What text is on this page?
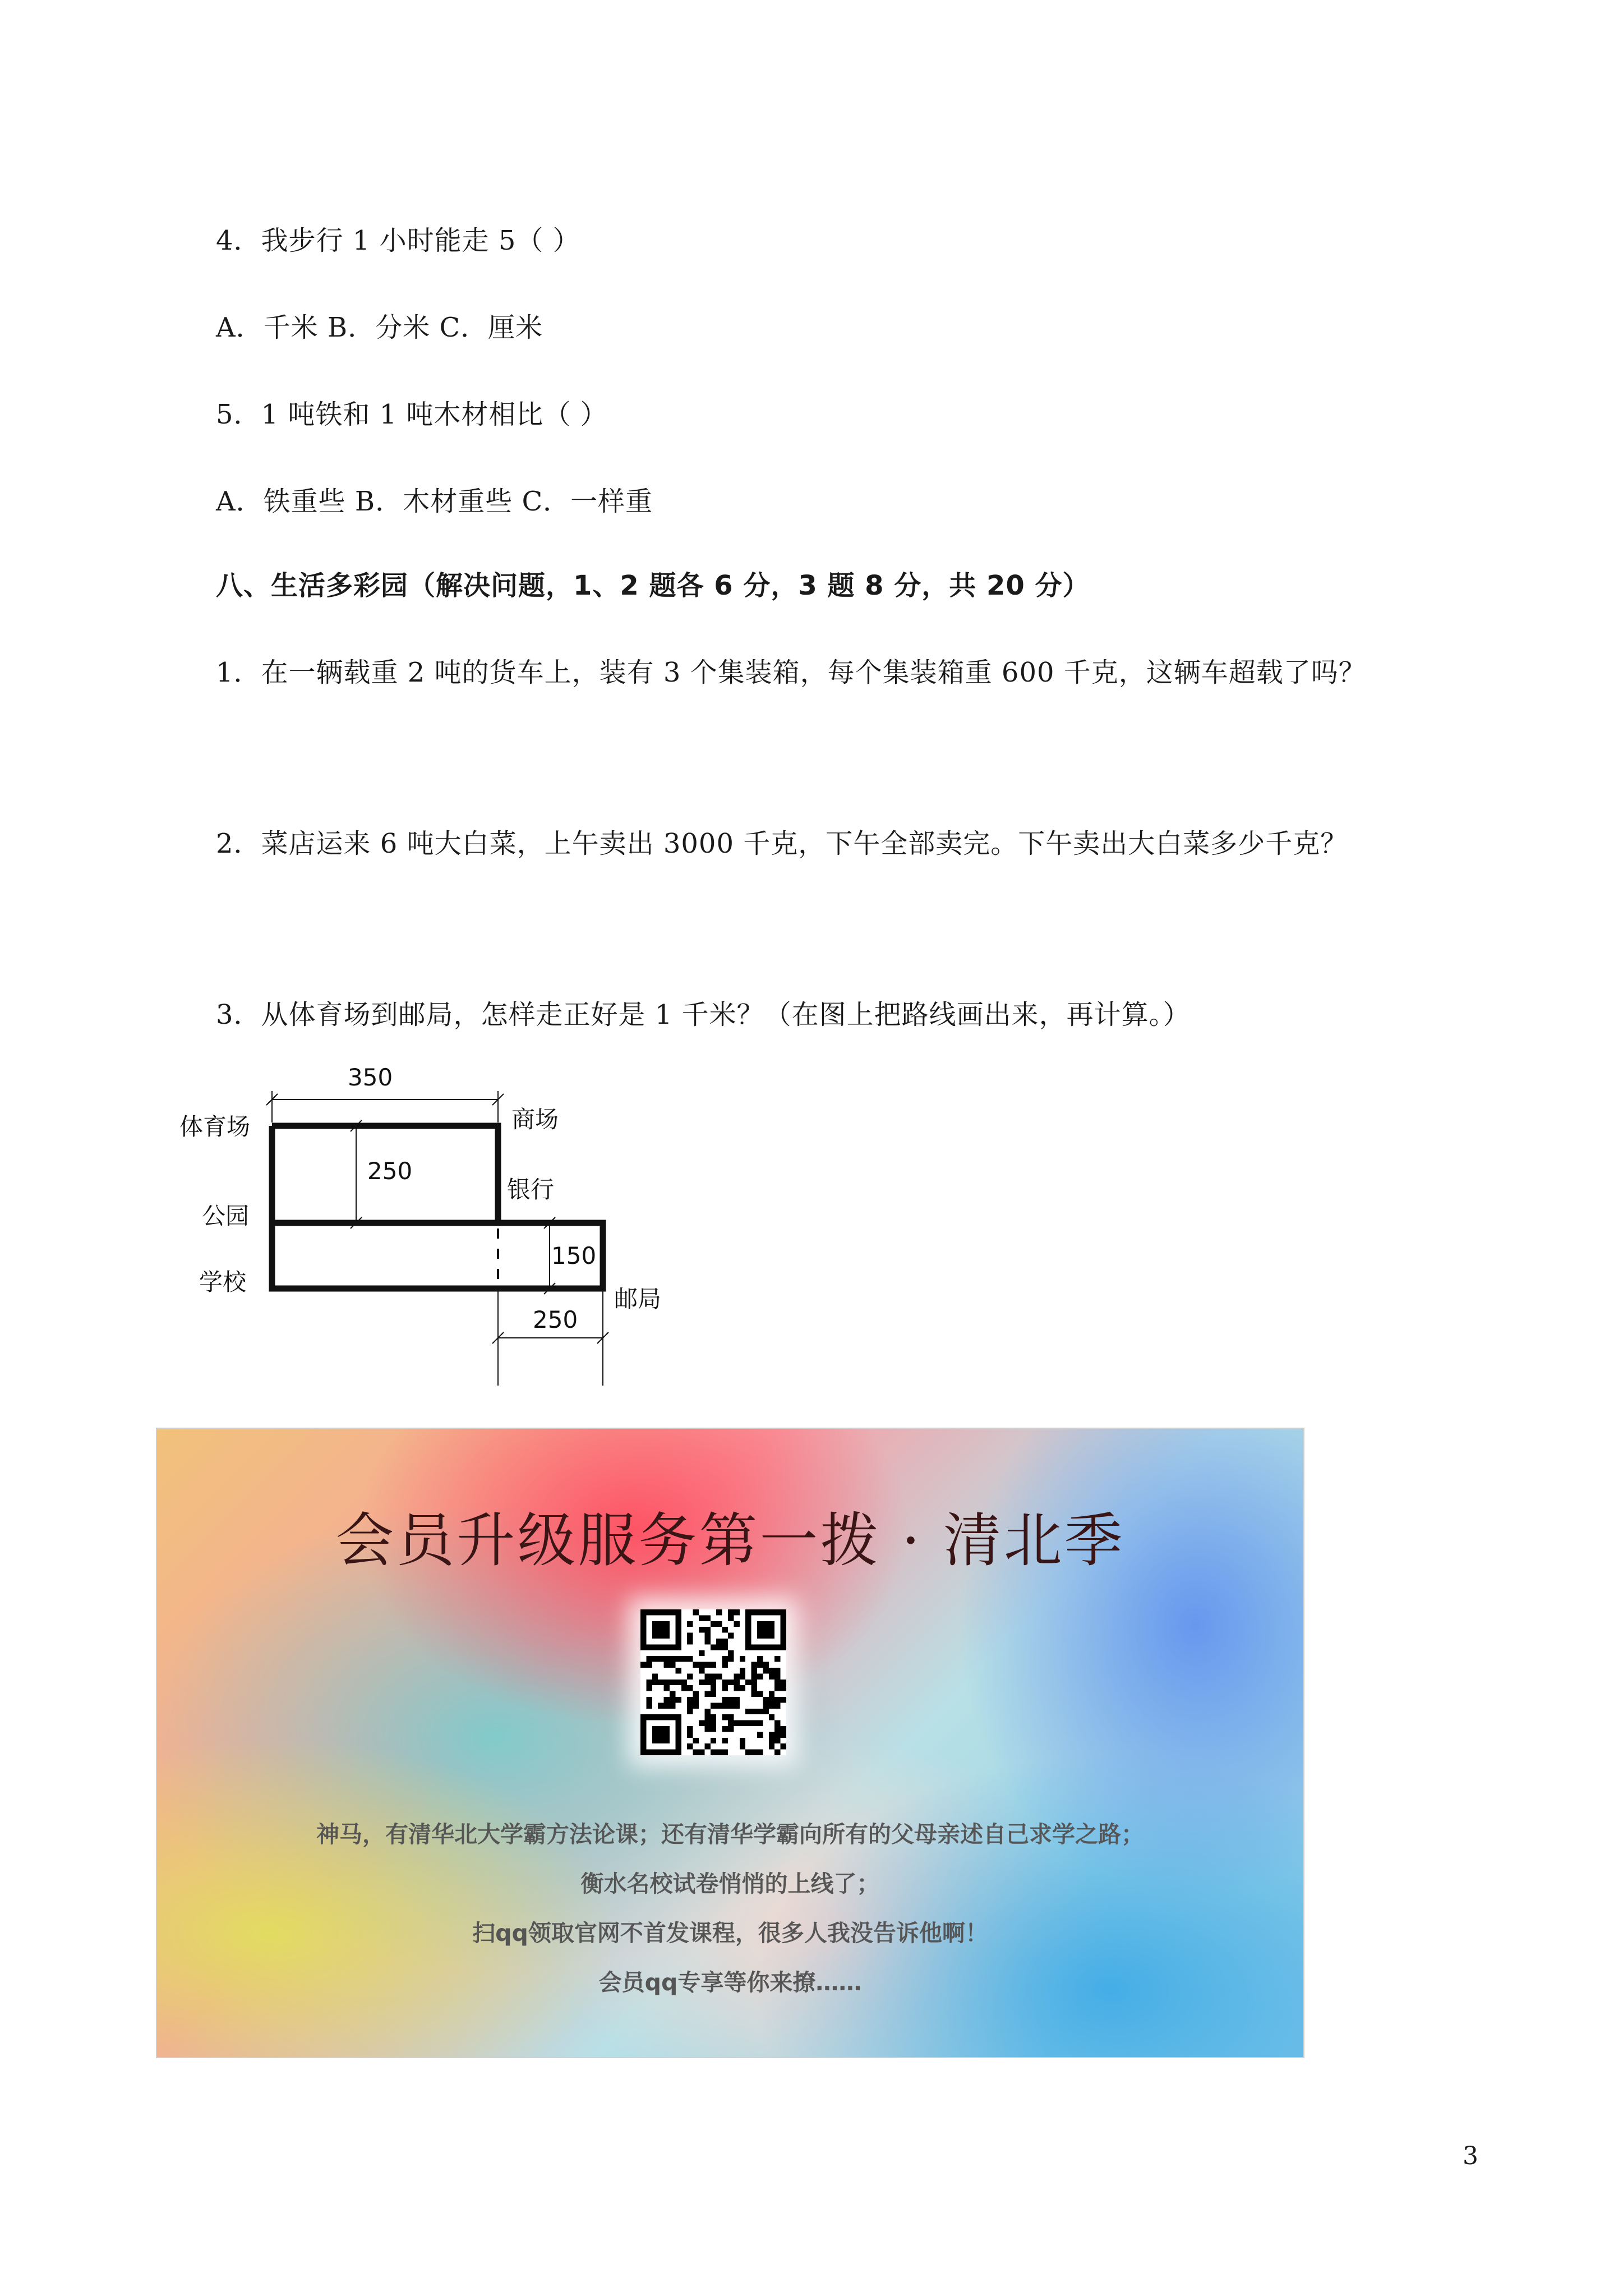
4．我步行 1 小时能走 5（ ）
A．千米 B．分米 C．厘米
5．1 吨铁和 1 吨木材相比（ ）
A．铁重些 B．木材重些 C．一样重
八、生活多彩园（解决问题，1、2 题各 6 分，3 题 8 分，共 20 分）
1．在一辆载重 2 吨的货车上，装有 3 个集装箱，每个集装箱重 600 千克，这辆车超载了吗？
2．菜店运来 6 吨大白菜，上午卖出 3000 千克，下午全部卖完。下午卖出大白菜多少千克？
3．从体育场到邮局，怎样走正好是 1 千米？（在图上把路线画出来，再计算。）
350
250
150
250
体育场	商场
银行
公园
学校
邮局
会员升级服务第一拨 · 清北季
神马，有清华北大学霸方法论课；还有清华学霸向所有的父母亲述自己求学之路；
衡水名校试卷悄悄的上线了；
扫qq领取官网不首发课程，很多人我没告诉他啊！
会员qq专享等你来撩……
3
